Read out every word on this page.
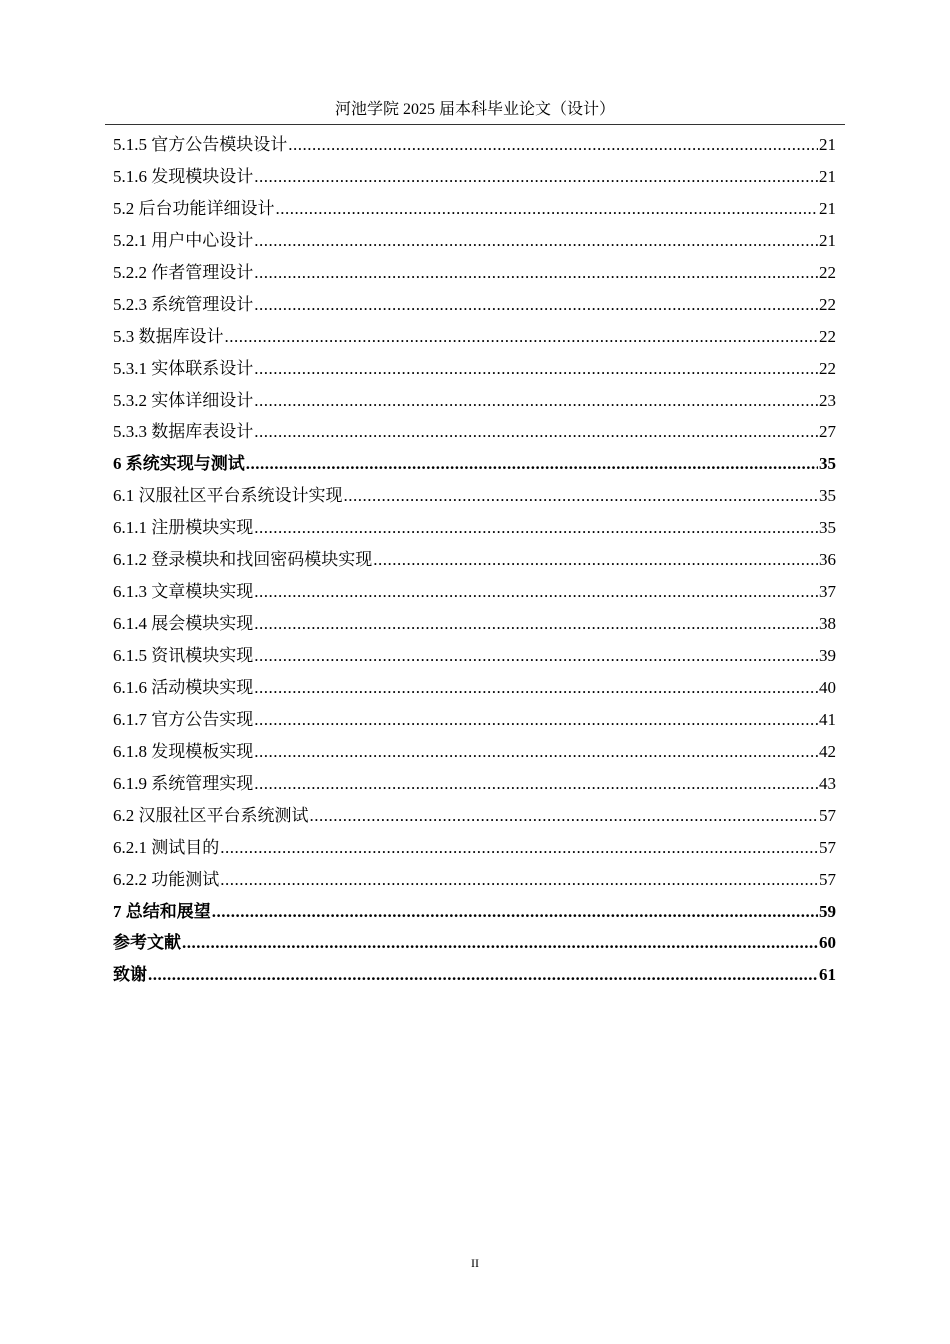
河池学院 2025 届本科毕业论文（设计）
5.1.5 官方公告模块设计 .....	21
5.1.6 发现模块设计 .....	21
5.2 后台功能详细设计 .....	21
5.2.1 用户中心设计 .....	21
5.2.2 作者管理设计 .....	22
5.2.3 系统管理设计 .....	22
5.3 数据库设计 .....	22
5.3.1 实体联系设计 .....	22
5.3.2 实体详细设计 .....	23
5.3.3 数据库表设计 .....	27
6 系统实现与测试 .....	35
6.1 汉服社区平台系统设计实现 .....	35
6.1.1 注册模块实现 .....	35
6.1.2 登录模块和找回密码模块实现 .....	36
6.1.3 文章模块实现 .....	37
6.1.4 展会模块实现 .....	38
6.1.5 资讯模块实现 .....	39
6.1.6 活动模块实现 .....	40
6.1.7 官方公告实现 .....	41
6.1.8 发现模板实现 .....	42
6.1.9 系统管理实现 .....	43
6.2 汉服社区平台系统测试 .....	57
6.2.1 测试目的 .....	57
6.2.2 功能测试 .....	57
7 总结和展望 .....	59
参考文献 .....	60
致谢 .....	61
II
